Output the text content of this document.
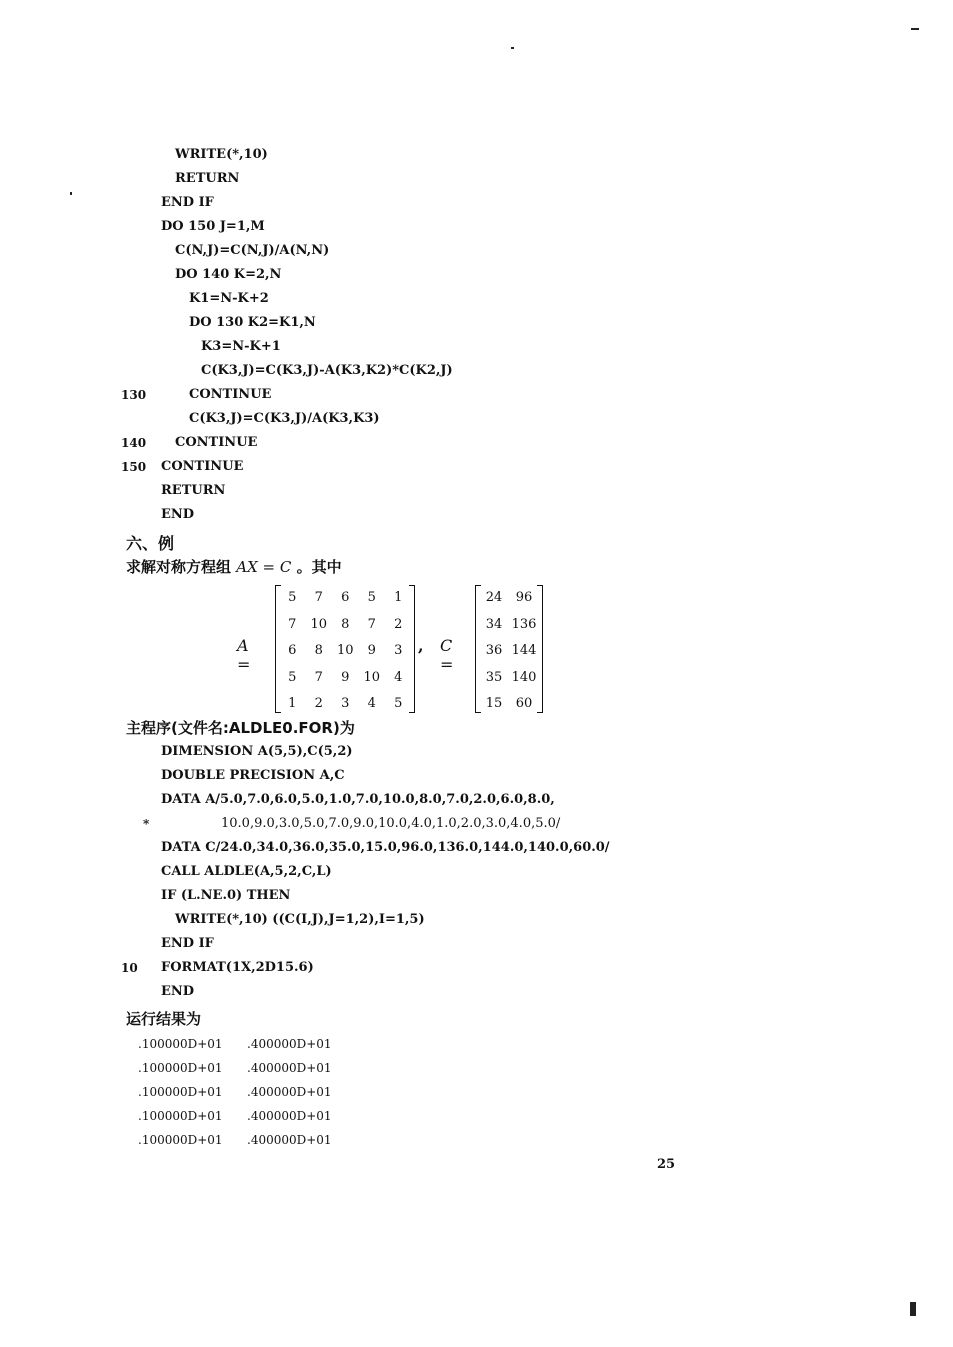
WRITE(*,10)
RETURN
END IF
DO 150 J=1,M
C(N,J)=C(N,J)/A(N,N)
DO 140 K=2,N
K1=N-K+2
DO 130 K2=K1,N
K3=N-K+1
C(K3,J)=C(K3,J)-A(K3,K2)*C(K2,J)
130	CONTINUE
C(K3,J)=C(K3,J)/A(K3,K3)
140 CONTINUE
150 CONTINUE
RETURN
END
六、例
求解对称方程组 AX = C 。其中
A =
5	7	6	5	1
7	10	8	7	2
6	8	10	9	3
5	7	9	10	4
1	2	3	4	5
, C =
24	96
34 136
36 144
35 140
15	60
主程序(文件名:ALDLE0.FOR)为
DIMENSION A(5,5),C(5,2)
DOUBLE PRECISION A,C
DATA A/5.0,7.0,6.0,5.0,1.0,7.0,10.0,8.0,7.0,2.0,6.0,8.0,
*	10.0,9.0,3.0,5.0,7.0,9.0,10.0,4.0,1.0,2.0,3.0,4.0,5.0/
DATA C/24.0,34.0,36.0,35.0,15.0,96.0,136.0,144.0,140.0,60.0/
CALL ALDLE(A,5,2,C,L)
IF (L.NE.0) THEN
WRITE(*,10) ((C(I,J),J=1,2),I=1,5)
END IF
10 FORMAT(1X,2D15.6)
END
运行结果为
.100000D+01 .400000D+01
.100000D+01 .400000D+01
.100000D+01 .400000D+01
.100000D+01 .400000D+01
.100000D+01 .400000D+01
25
